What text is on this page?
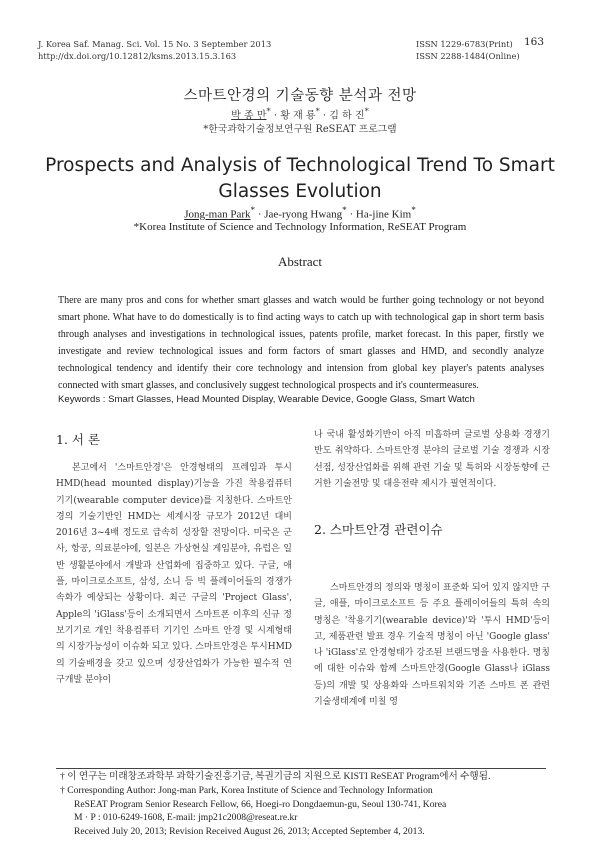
J. Korea Saf. Manag. Sci. Vol. 15 No. 3 September 2013
http://dx.doi.org/10.12812/ksms.2013.15.3.163
ISSN 1229-6783(Print)
ISSN 2288-1484(Online)
163
스마트안경의 기술동향 분석과 전망
박 종 만* · 황 재 룡* · 김 하 진*
*한국과학기술정보연구원 ReSEAT 프로그램
Prospects and Analysis of Technological Trend To Smart
Glasses Evolution
Jong-man Park* · Jae-ryong Hwang* · Ha-jine Kim*
*Korea Institute of Science and Technology Information, ReSEAT Program
Abstract
There are many pros and cons for whether smart glasses and watch would be further going technology or not beyond smart phone. What have to do domestically is to find acting ways to catch up with technological gap in short term basis through analyses and investigations in technological issues, patents profile, market forecast. In this paper, firstly we investigate and review technological issues and form factors of smart glasses and HMD, and secondly analyze technological tendency and identify their core technology and intension from global key player's patents analyses connected with smart glasses, and conclusively suggest technological prospects and it's countermeasures.
Keywords : Smart Glasses, Head Mounted Display, Wearable Device, Google Glass, Smart Watch
1. 서 론

본고에서 '스마트안경'은 안경형태의 프레임과 투시 HMD(head mounted display)기능을 가진 착용컴퓨터 기기(wearable computer device)를 지칭한다. 스마트안경의 기술기반인 HMD는 세계시장 규모가 2012년 대비 2016년 3~4배 정도로 급속히 성장할 전망이다. 미국은 군사, 항공, 의료분야에, 일본은 가상현실 게임분야, 유럽은 일반 생활분야에서 개발과 산업화에 집중하고 있다. 구글, 애플, 마이크로소프트, 삼성, 소니 등 빅 플레이어들의 경쟁가속화가 예상되는 상황이다. 최근 구글의 'Project Glass', Apple의 'iGlass'등이 소개되면서 스마트폰 이후의 신규 정보기기로 개인 착용컴퓨터 기기인 스마트 안경 및 시계형태의 시장가능성이 이슈화 되고 있다. 스마트안경은 투시HMD의 기술배경을 갖고 있으며 성장산업화가 가능한 필수적 연구개발 분야이

나 국내 활성화기반이 아직 미흡하며 글로벌 상용화 경쟁기반도 취약하다. 스마트안경 분야의 글로벌 기술 경쟁과 시장선점, 성장산업화를 위해 관련 기술 및 특허와 시장동향에 근거한 기술전망 및 대응전략 제시가 필연적이다.

2. 스마트안경 관련이슈

스마트안경의 정의와 명칭이 표준화 되어 있지 않지만 구글, 애플, 마이크로소프트 등 주요 플레이어들의 특허 속의 명칭은 '착용기기(wearable device)'와 '투시 HMD'등이고, 제품관련 발표 경우 기술적 명칭이 아닌 'Google glass' 나 'iGlass'로 안경형태가 강조된 브랜드명을 사용한다. 명칭에 대한 이슈와 함께 스마트안경(Google Glass나 iGlass 등)의 개발 및 상용화와 스마트워치와 기존 스마트 폰 관련 기술생태계에 미칠 영

† 이 연구는 미래창조과학부 과학기술진흥기금, 복권기금의 지원으로 KISTI ReSEAT Program에서 수행됨.
† Corresponding Author: Jong-man Park, Korea Institute of Science and Technology Information
ReSEAT Program Senior Research Fellow, 66, Hoegi-ro Dongdaemun-gu, Seoul 130-741, Korea
M · P : 010-6249-1608, E-mail: jmp21c2008@reseat.re.kr
Received July 20, 2013; Revision Received August 26, 2013; Accepted September 4, 2013.
